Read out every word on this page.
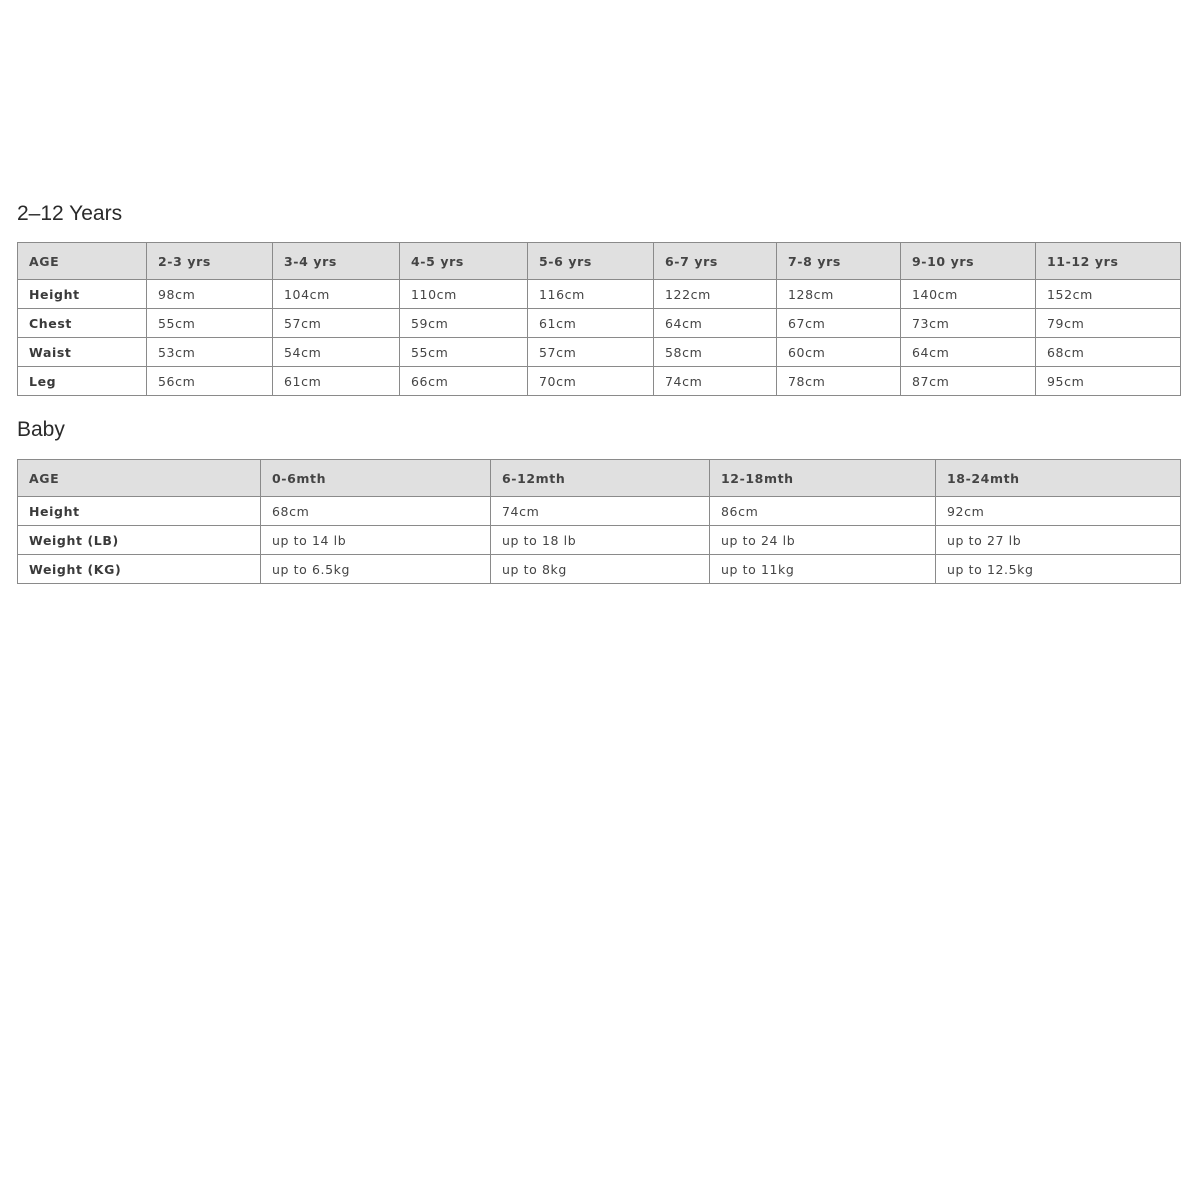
2–12 Years
AGE	2-3 yrs	3-4 yrs	4-5 yrs	5-6 yrs	6-7 yrs	7-8 yrs	9-10 yrs	11-12 yrs
Height	98cm	104cm	110cm	116cm	122cm	128cm	140cm	152cm
Chest	55cm	57cm	59cm	61cm	64cm	67cm	73cm	79cm
Waist	53cm	54cm	55cm	57cm	58cm	60cm	64cm	68cm
Leg	56cm	61cm	66cm	70cm	74cm	78cm	87cm	95cm
Baby
AGE	0-6mth	6-12mth	12-18mth	18-24mth
Height	68cm	74cm	86cm	92cm
Weight (LB)	up to 14 lb	up to 18 lb	up to 24 lb	up to 27 lb
Weight (KG)	up to 6.5kg	up to 8kg	up to 11kg	up to 12.5kg
